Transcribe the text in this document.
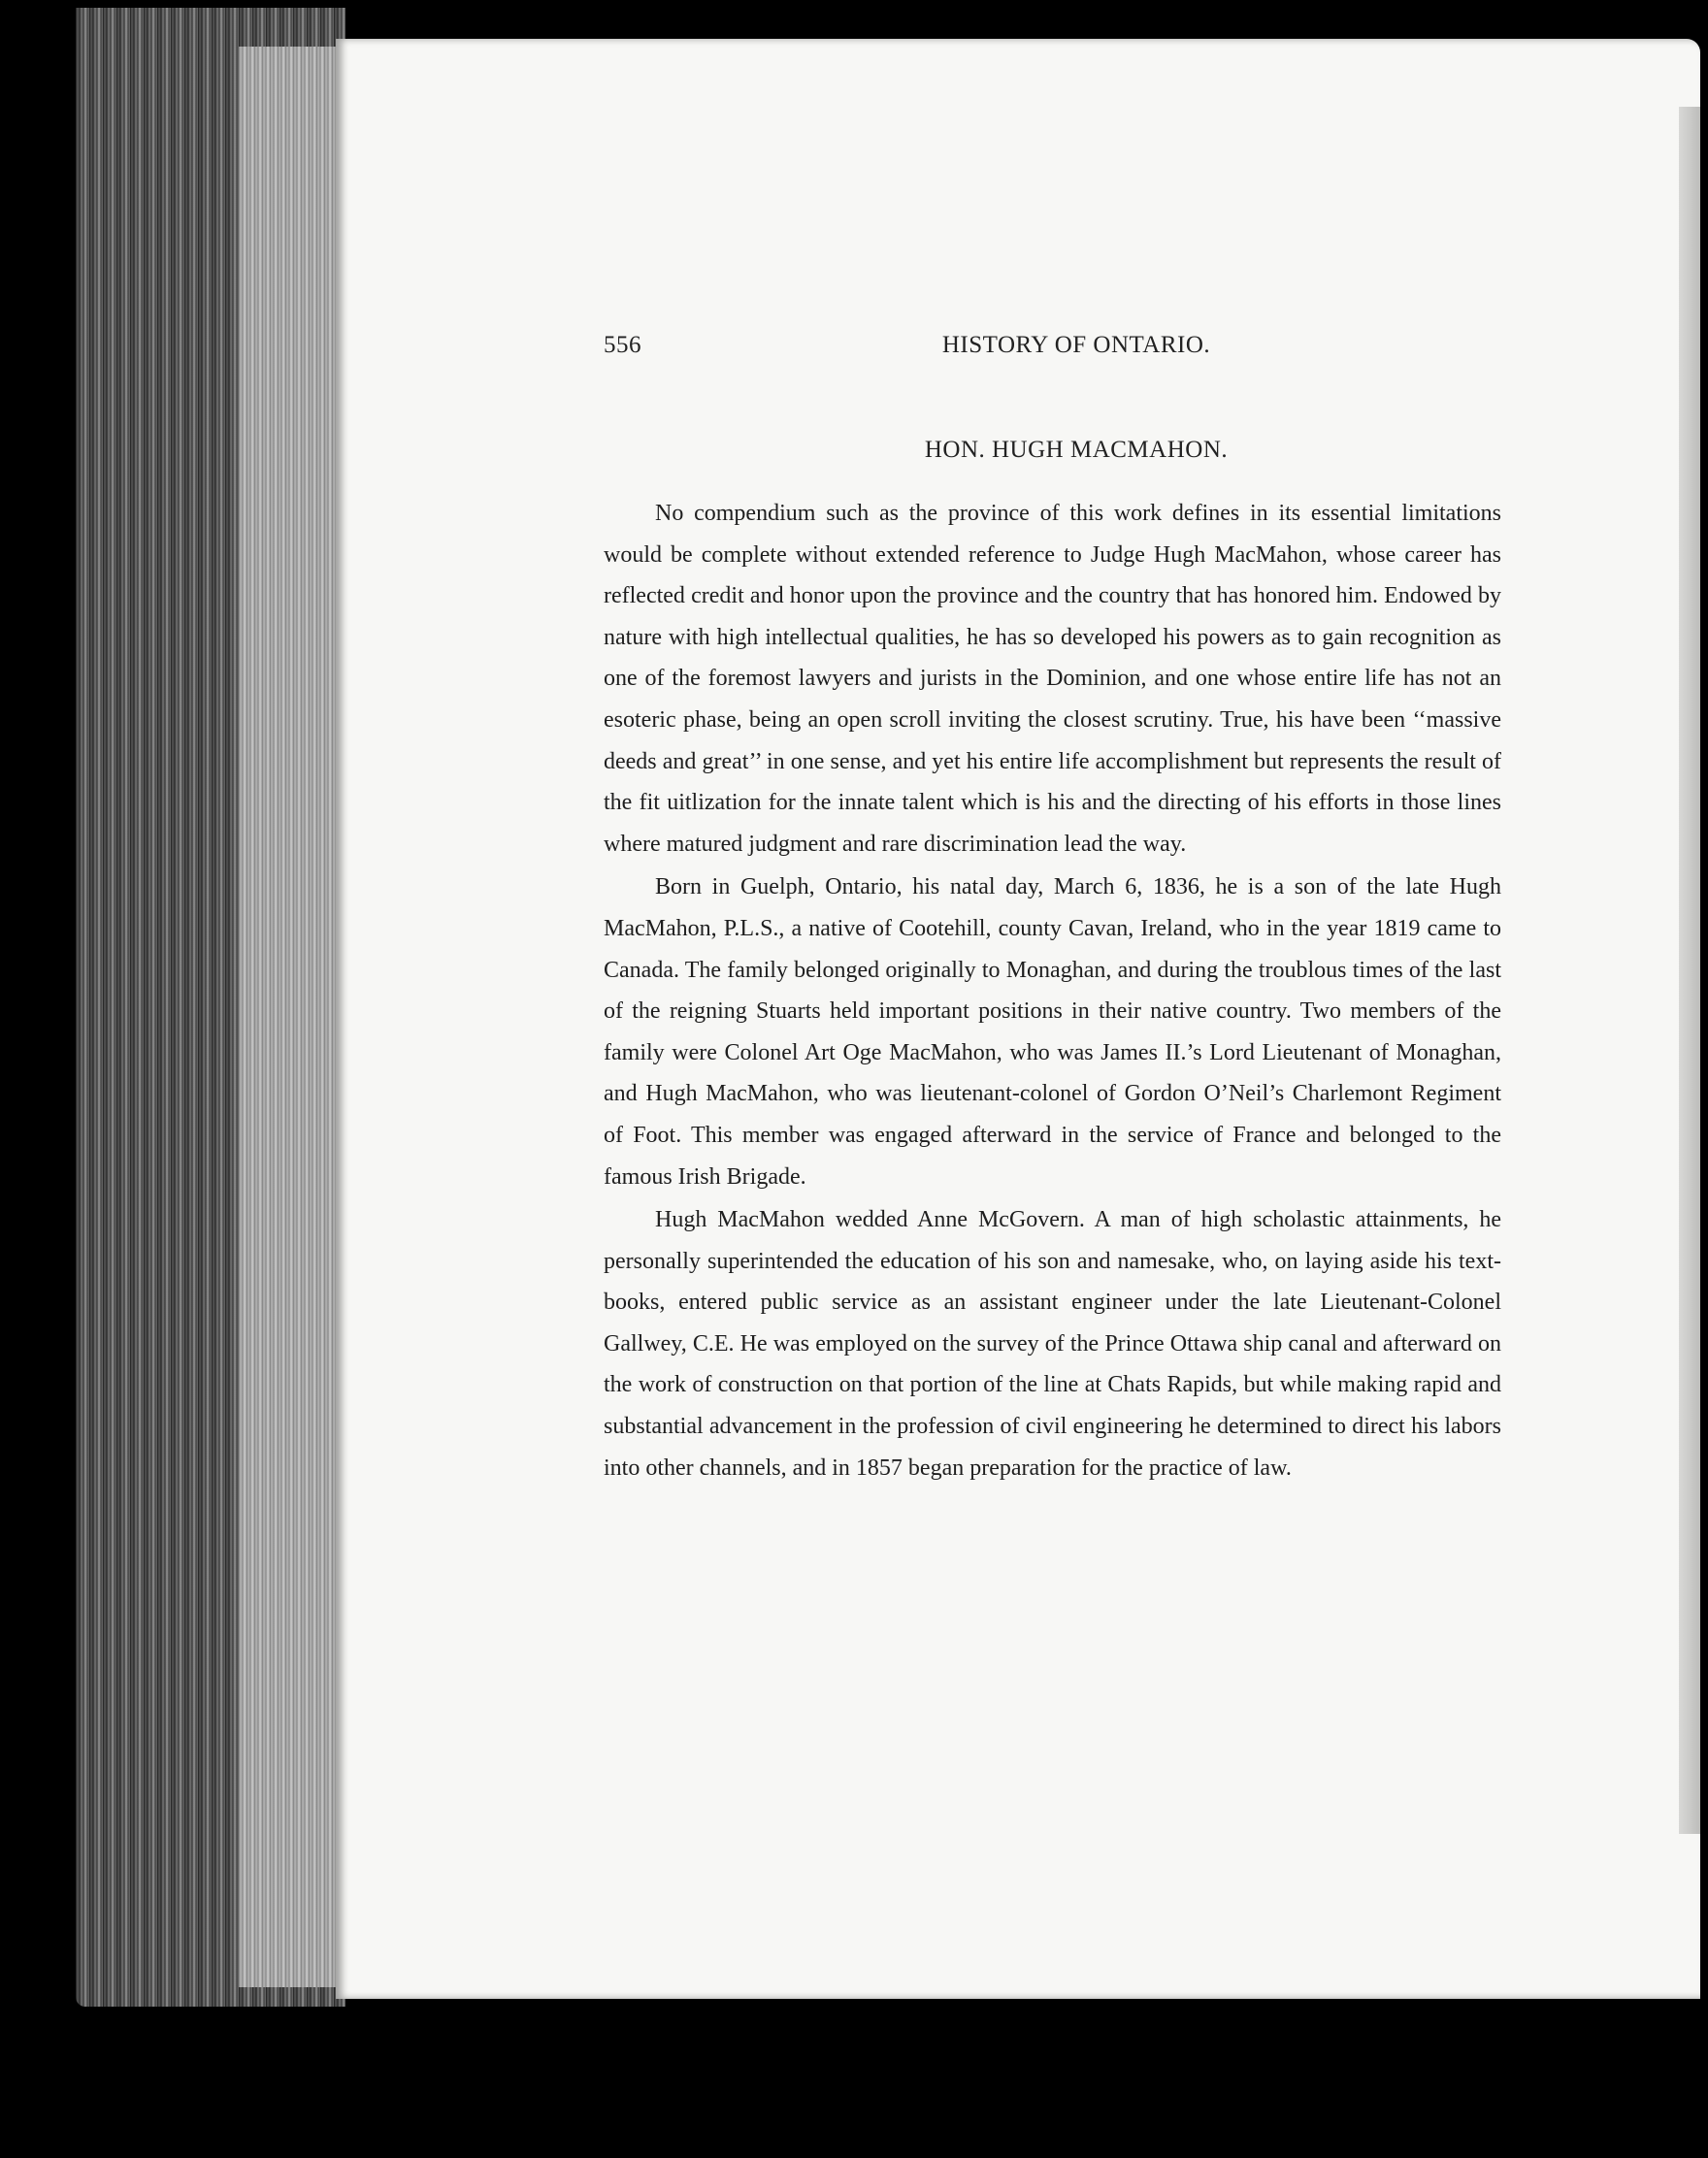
556	HISTORY OF ONTARIO.
HON. HUGH MACMAHON.

No compendium such as the province of this work defines in its essential limitations would be complete without extended reference to Judge Hugh MacMahon, whose career has reflected credit and honor upon the province and the country that has honored him. Endowed by nature with high intellectual qualities, he has so developed his powers as to gain recognition as one of the foremost lawyers and jurists in the Dominion, and one whose entire life has not an esoteric phase, being an open scroll inviting the closest scrutiny. True, his have been ‘‘massive deeds and great’’ in one sense, and yet his entire life accomplishment but represents the result of the fit uitlization for the innate talent which is his and the directing of his efforts in those lines where matured judgment and rare discrimination lead the way.

Born in Guelph, Ontario, his natal day, March 6, 1836, he is a son of the late Hugh MacMahon, P.L.S., a native of Cootehill, county Cavan, Ireland, who in the year 1819 came to Canada. The family belonged originally to Monaghan, and during the troublous times of the last of the reigning Stuarts held important positions in their native country. Two members of the family were Colonel Art Oge MacMahon, who was James II.’s Lord Lieutenant of Monaghan, and Hugh MacMahon, who was lieutenant-colonel of Gordon O’Neil’s Charlemont Regiment of Foot. This member was engaged afterward in the service of France and belonged to the famous Irish Brigade.

Hugh MacMahon wedded Anne McGovern. A man of high scholastic attainments, he personally superintended the education of his son and namesake, who, on laying aside his text-books, entered public service as an assistant engineer under the late Lieutenant-Colonel Gallwey, C.E. He was employed on the survey of the Prince Ottawa ship canal and afterward on the work of construction on that portion of the line at Chats Rapids, but while making rapid and substantial advancement in the profession of civil engineering he determined to direct his labors into other channels, and in 1857 began preparation for the practice of law.
